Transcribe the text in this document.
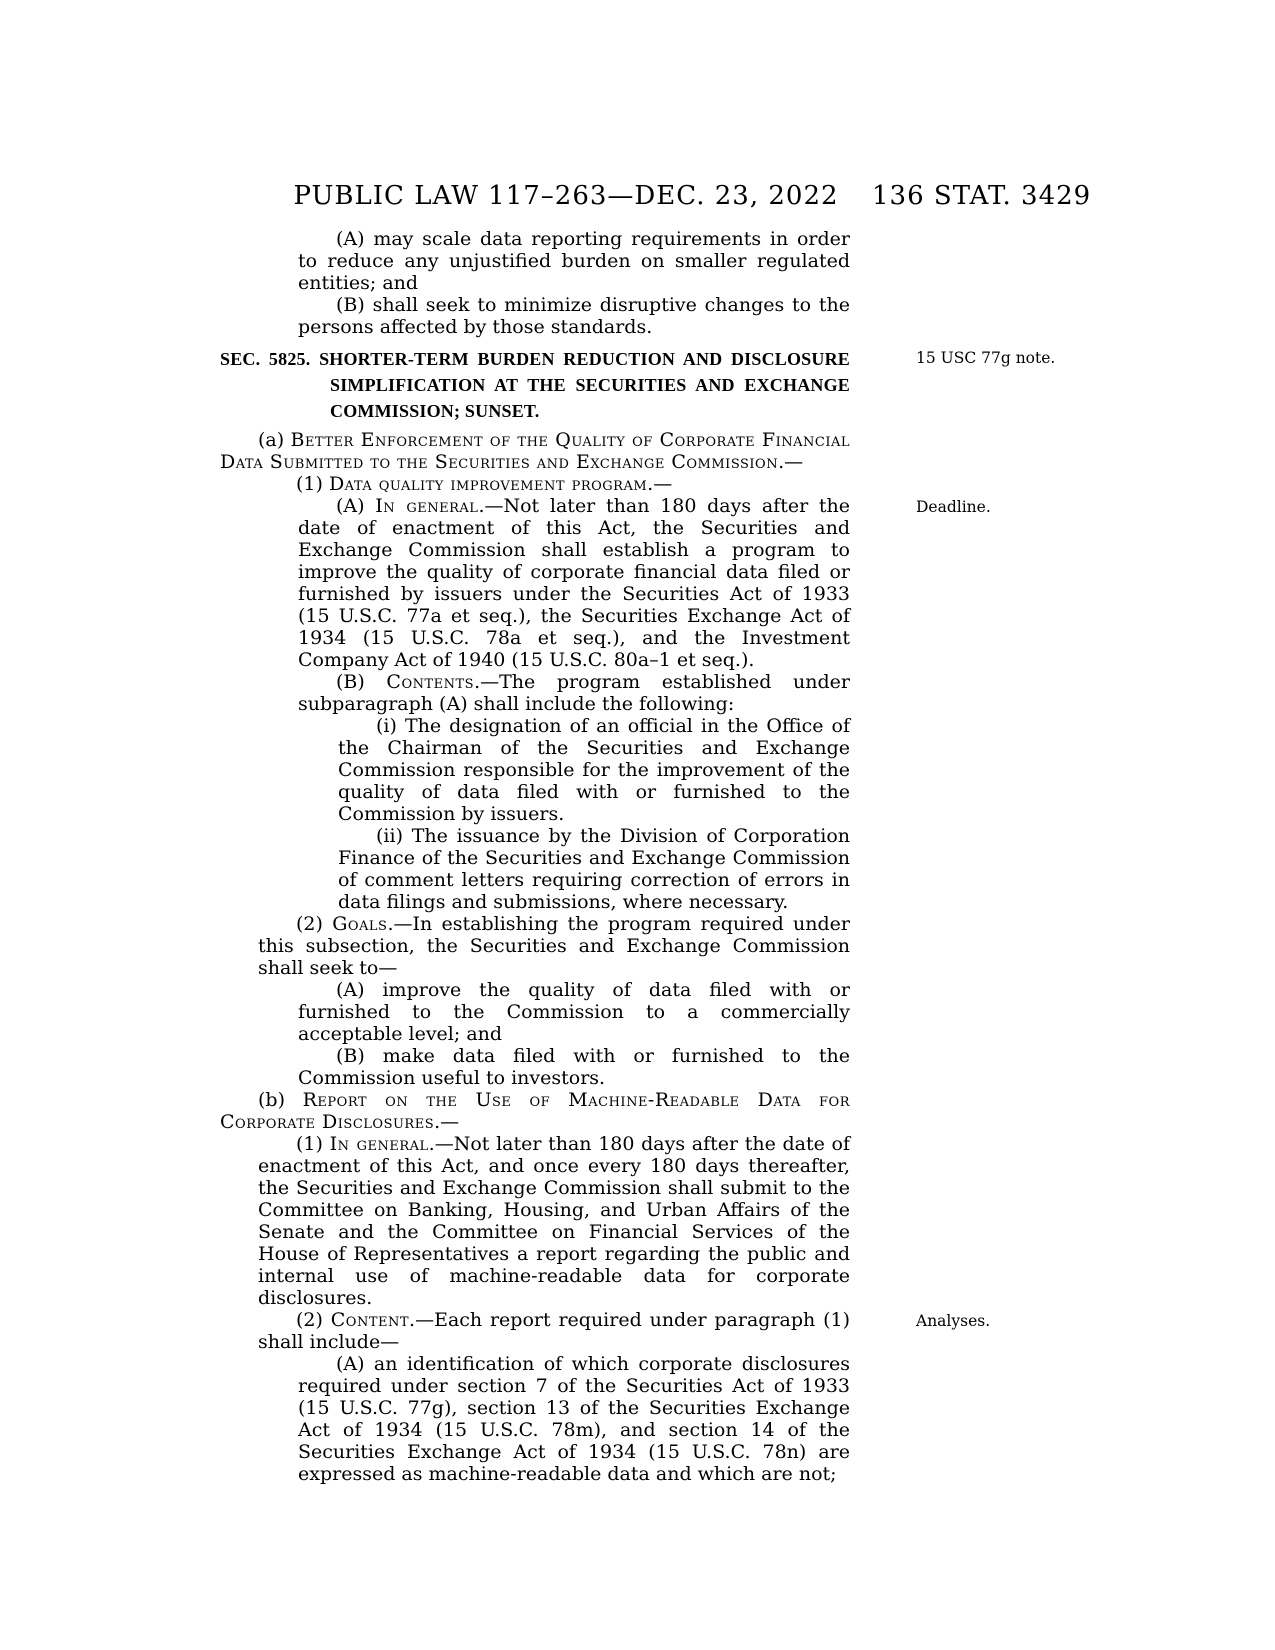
PUBLIC LAW 117–263—DEC. 23, 2022	136 STAT. 3429
(A) may scale data reporting requirements in order to reduce any unjustified burden on smaller regulated entities; and
(B) shall seek to minimize disruptive changes to the persons affected by those standards.
SEC. 5825. SHORTER-TERM BURDEN REDUCTION AND DISCLOSURE SIMPLIFICATION AT THE SECURITIES AND EXCHANGE COMMISSION; SUNSET.
(a) Better Enforcement of the Quality of Corporate Financial Data Submitted to the Securities and Exchange Commission.—
(1) Data quality improvement program.—
(A) In general.—Not later than 180 days after the date of enactment of this Act, the Securities and Exchange Commission shall establish a program to improve the quality of corporate financial data filed or furnished by issuers under the Securities Act of 1933 (15 U.S.C. 77a et seq.), the Securities Exchange Act of 1934 (15 U.S.C. 78a et seq.), and the Investment Company Act of 1940 (15 U.S.C. 80a–1 et seq.).
(B) Contents.—The program established under subparagraph (A) shall include the following:
(i) The designation of an official in the Office of the Chairman of the Securities and Exchange Commission responsible for the improvement of the quality of data filed with or furnished to the Commission by issuers.
(ii) The issuance by the Division of Corporation Finance of the Securities and Exchange Commission of comment letters requiring correction of errors in data filings and submissions, where necessary.
(2) Goals.—In establishing the program required under this subsection, the Securities and Exchange Commission shall seek to—
(A) improve the quality of data filed with or furnished to the Commission to a commercially acceptable level; and
(B) make data filed with or furnished to the Commission useful to investors.
(b) Report on the Use of Machine-Readable Data for Corporate Disclosures.—
(1) In general.—Not later than 180 days after the date of enactment of this Act, and once every 180 days thereafter, the Securities and Exchange Commission shall submit to the Committee on Banking, Housing, and Urban Affairs of the Senate and the Committee on Financial Services of the House of Representatives a report regarding the public and internal use of machine-readable data for corporate disclosures.
(2) Content.—Each report required under paragraph (1) shall include—
(A) an identification of which corporate disclosures required under section 7 of the Securities Act of 1933 (15 U.S.C. 77g), section 13 of the Securities Exchange Act of 1934 (15 U.S.C. 78m), and section 14 of the Securities Exchange Act of 1934 (15 U.S.C. 78n) are expressed as machine-readable data and which are not;
15 USC 77g note.
Deadline.
Analyses.
